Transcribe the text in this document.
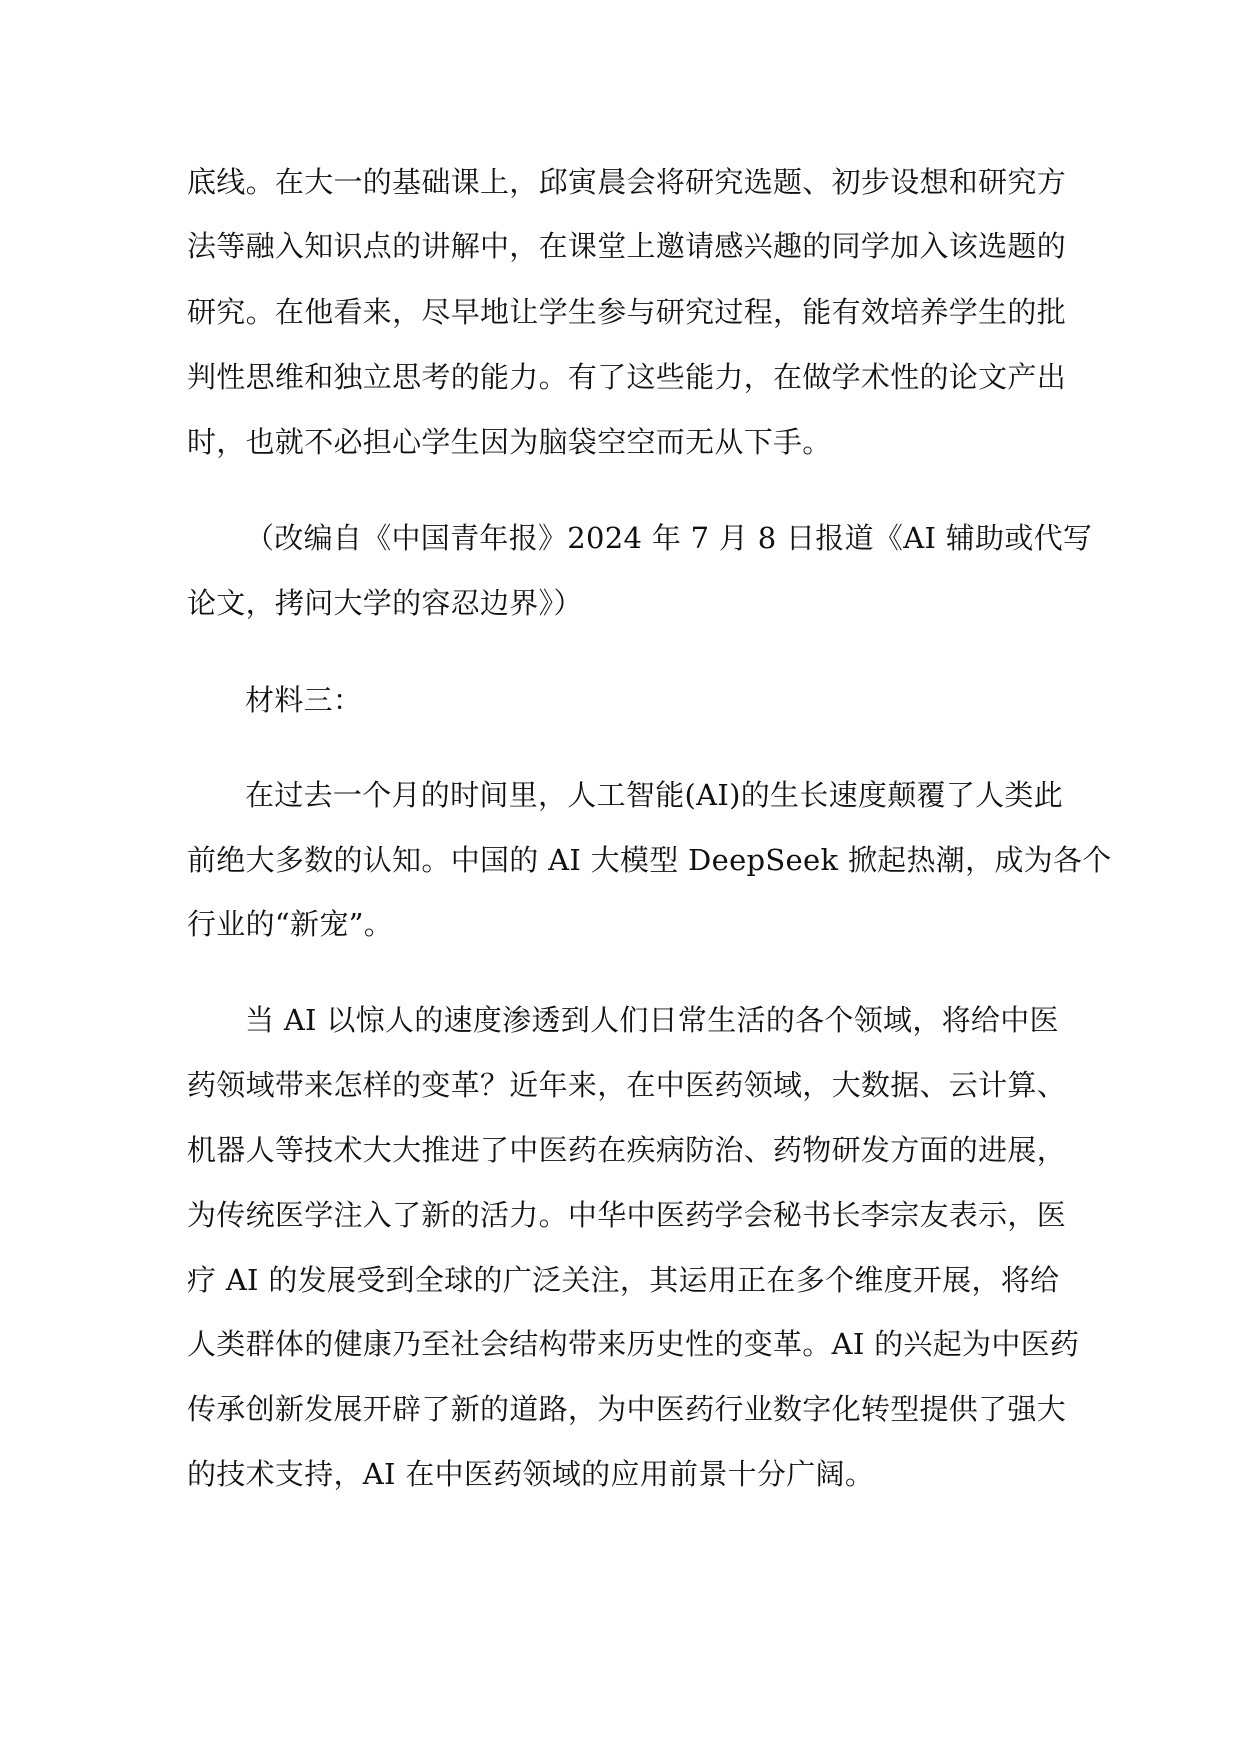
底线。在大一的基础课上，邱寅晨会将研究选题、初步设想和研究方
法等融入知识点的讲解中，在课堂上邀请感兴趣的同学加入该选题的
研究。在他看来，尽早地让学生参与研究过程，能有效培养学生的批
判性思维和独立思考的能力。有了这些能力，在做学术性的论文产出
时，也就不必担心学生因为脑袋空空而无从下手。
（改编自《中国青年报》2024 年 7 月 8 日报道《AI 辅助或代写
论文，拷问大学的容忍边界》）
材料三：
在过去一个月的时间里，人工智能(AI)的生长速度颠覆了人类此
前绝大多数的认知。中国的 AI 大模型 DeepSeek 掀起热潮，成为各个
行业的“新宠”。
当 AI 以惊人的速度渗透到人们日常生活的各个领域，将给中医
药领域带来怎样的变革？近年来，在中医药领域，大数据、云计算、
机器人等技术大大推进了中医药在疾病防治、药物研发方面的进展，
为传统医学注入了新的活力。中华中医药学会秘书长李宗友表示，医
疗 AI 的发展受到全球的广泛关注，其运用正在多个维度开展，将给
人类群体的健康乃至社会结构带来历史性的变革。AI 的兴起为中医药
传承创新发展开辟了新的道路，为中医药行业数字化转型提供了强大
的技术支持，AI 在中医药领域的应用前景十分广阔。
